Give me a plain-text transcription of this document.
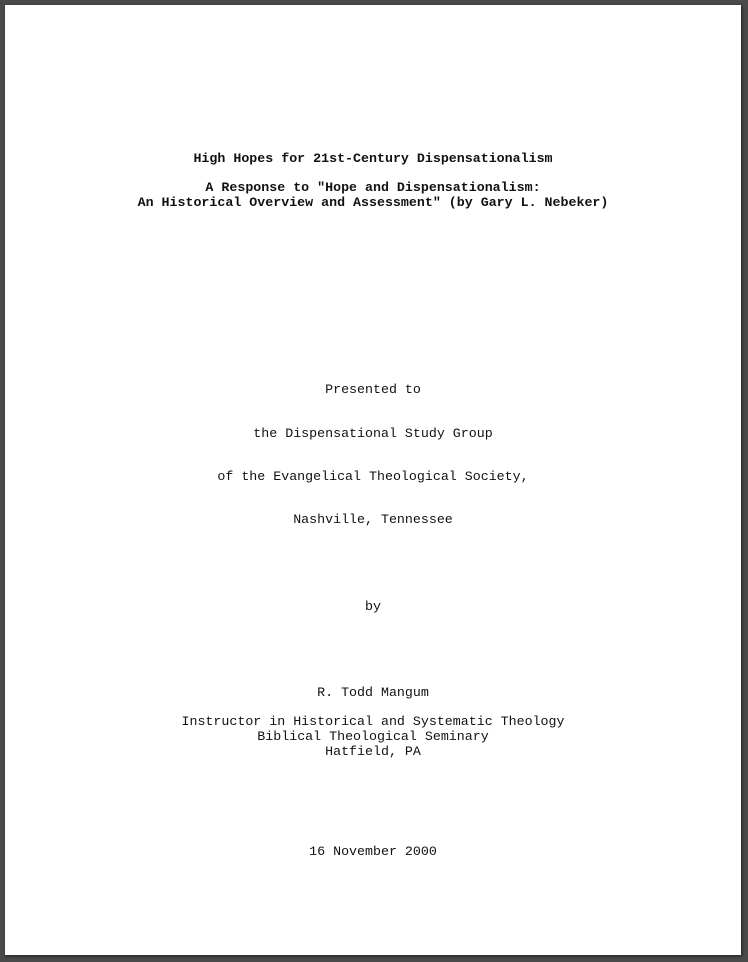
High Hopes for 21st-Century Dispensationalism
A Response to "Hope and Dispensationalism:
An Historical Overview and Assessment" (by Gary L. Nebeker)
Presented to
the Dispensational Study Group
of the Evangelical Theological Society,
Nashville, Tennessee
by
R. Todd Mangum
Instructor in Historical and Systematic Theology
Biblical Theological Seminary
Hatfield, PA
16 November 2000
